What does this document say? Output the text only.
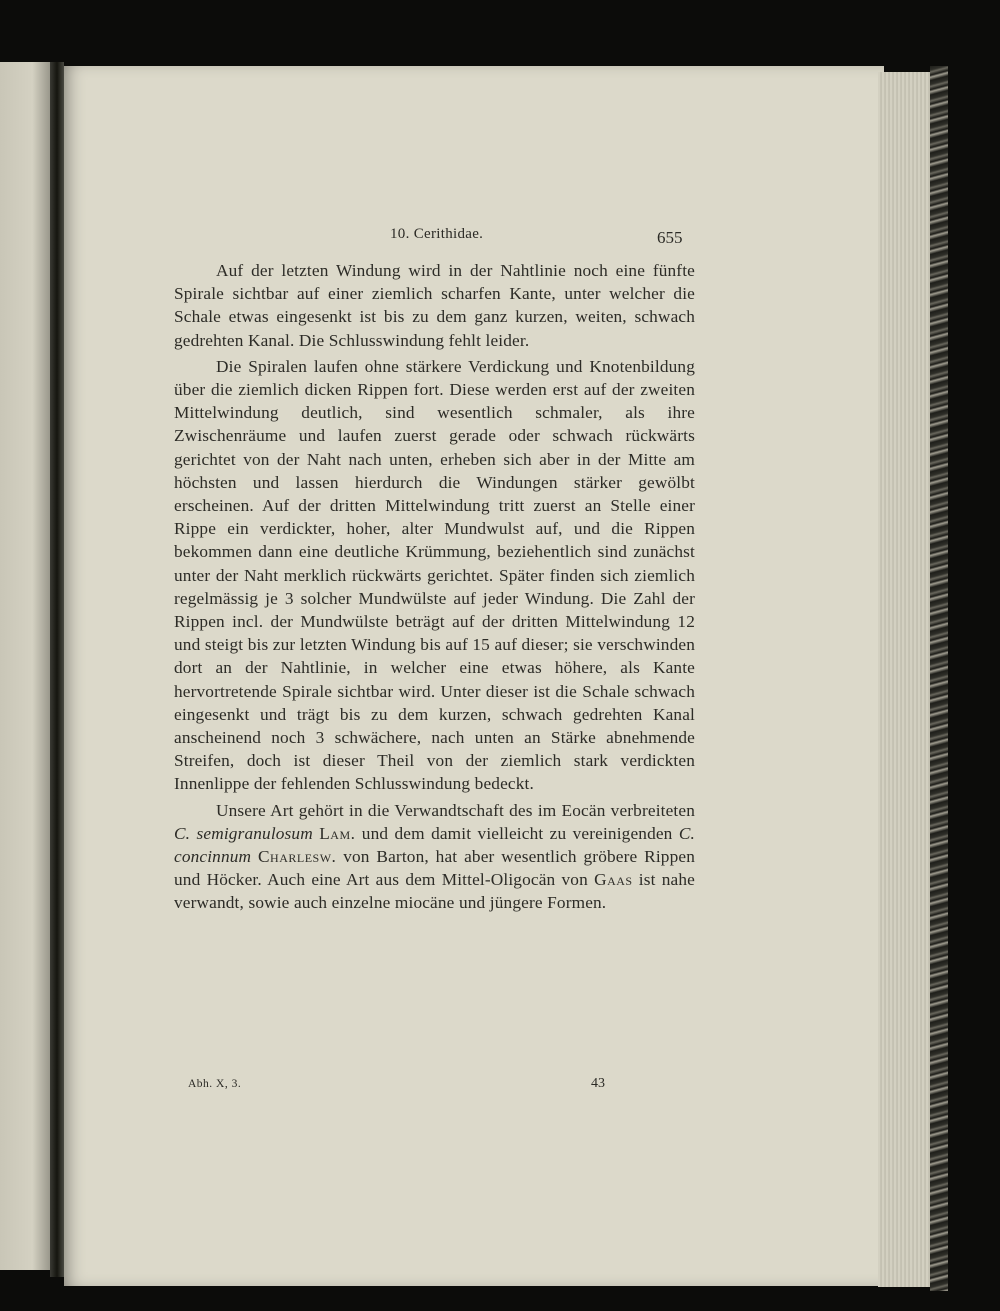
10. Cerithidae.	655

Auf der letzten Windung wird in der Nahtlinie noch eine fünfte Spirale sichtbar auf einer ziemlich scharfen Kante, unter welcher die Schale etwas eingesenkt ist bis zu dem ganz kurzen, weiten, schwach gedrehten Kanal. Die Schlusswindung fehlt leider.

Die Spiralen laufen ohne stärkere Verdickung und Knotenbildung über die ziemlich dicken Rippen fort. Diese werden erst auf der zweiten Mittelwindung deutlich, sind wesentlich schmaler, als ihre Zwischenräume und laufen zuerst gerade oder schwach rückwärts gerichtet von der Naht nach unten, erheben sich aber in der Mitte am höchsten und lassen hierdurch die Windungen stärker gewölbt erscheinen. Auf der dritten Mittelwindung tritt zuerst an Stelle einer Rippe ein verdickter, hoher, alter Mundwulst auf, und die Rippen bekommen dann eine deutliche Krümmung, beziehentlich sind zunächst unter der Naht merklich rückwärts gerichtet. Später finden sich ziemlich regelmässig je 3 solcher Mundwülste auf jeder Windung. Die Zahl der Rippen incl. der Mundwülste beträgt auf der dritten Mittelwindung 12 und steigt bis zur letzten Windung bis auf 15 auf dieser; sie verschwinden dort an der Nahtlinie, in welcher eine etwas höhere, als Kante hervortretende Spirale sichtbar wird. Unter dieser ist die Schale schwach eingesenkt und trägt bis zu dem kurzen, schwach gedrehten Kanal anscheinend noch 3 schwächere, nach unten an Stärke abnehmende Streifen, doch ist dieser Theil von der ziemlich stark verdickten Innenlippe der fehlenden Schlusswindung bedeckt.

Unsere Art gehört in die Verwandtschaft des im Eocän verbreiteten C. semigranulosum Lam. und dem damit vielleicht zu vereinigenden C. concinnum Charlesw. von Barton, hat aber wesentlich gröbere Rippen und Höcker. Auch eine Art aus dem Mittel-Oligocän von Gaas ist nahe verwandt, sowie auch einzelne miocäne und jüngere Formen.

Abh. X, 3.	43
